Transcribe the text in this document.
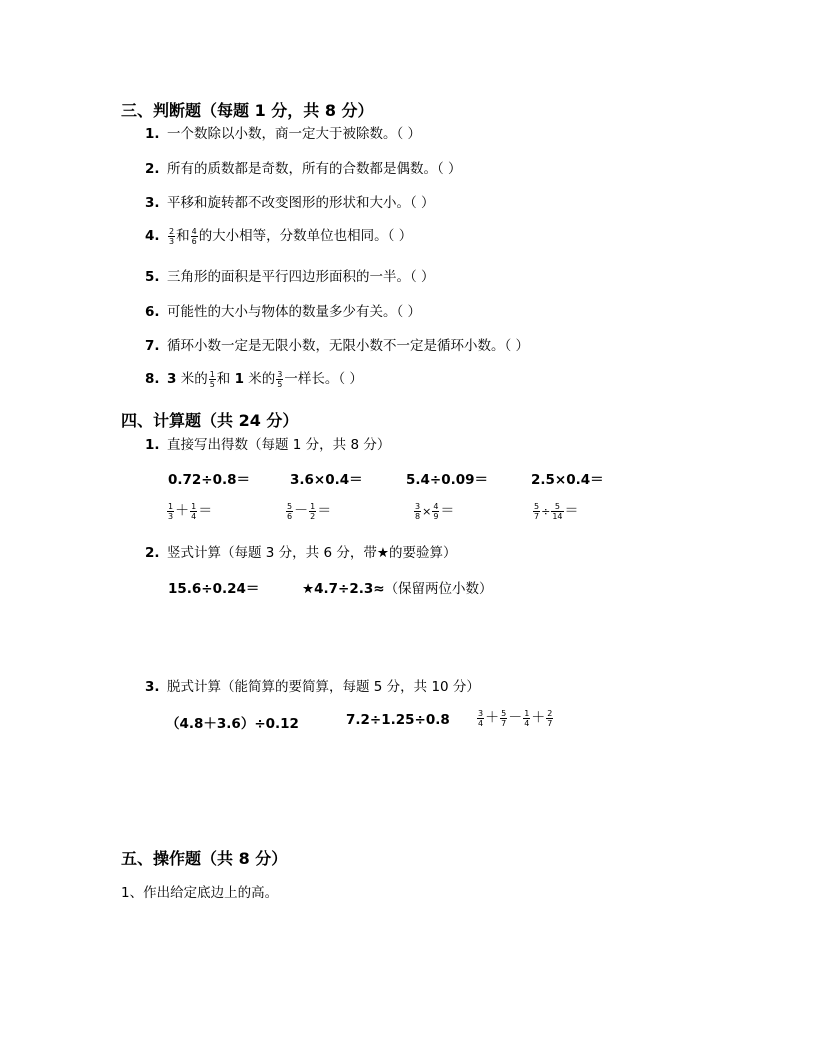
三、判断题（每题 1 分，共 8 分）
1. 一个数除以小数，商一定大于被除数。（ ）
2. 所有的质数都是奇数，所有的合数都是偶数。（ ）
3. 平移和旋转都不改变图形的形状和大小。（ ）
4. $\frac{2}{3}$ 和 $\frac{4}{6}$ 的大小相等，分数单位也相同。（ ）
5. 三角形的面积是平行四边形面积的一半。（ ）
6. 可能性的大小与物体的数量多少有关。（ ）
7. 循环小数一定是无限小数，无限小数不一定是循环小数。（ ）
8. 3 米的 $\frac{1}{5}$ 和 1 米的 $\frac{3}{5}$ 一样长。（ ）
四、计算题（共 24 分）
1. 直接写出得数（每题 1 分，共 8 分）
0.72÷0.8＝	3.6×0.4＝	5.4÷0.09＝	2.5×0.4＝
$\frac{1}{3} + \frac{1}{4}$ ＝	$\frac{5}{6} - \frac{1}{2}$ ＝	$\frac{3}{8} \times \frac{4}{9}$ ＝	$\frac{5}{7} \div \frac{5}{14}$ ＝
2. 竖式计算（每题 3 分，共 6 分，带★的要验算）
15.6÷0.24＝	★4.7÷2.3≈（保留两位小数）
3. 脱式计算（能简算的要简算，每题 5 分，共 10 分）
（4.8＋3.6）÷0.12	7.2÷1.25÷0.8	$\frac{3}{4} + \frac{5}{7} - \frac{1}{4} + \frac{2}{7}$
五、操作题（共 8 分）
1、作出给定底边上的高。
